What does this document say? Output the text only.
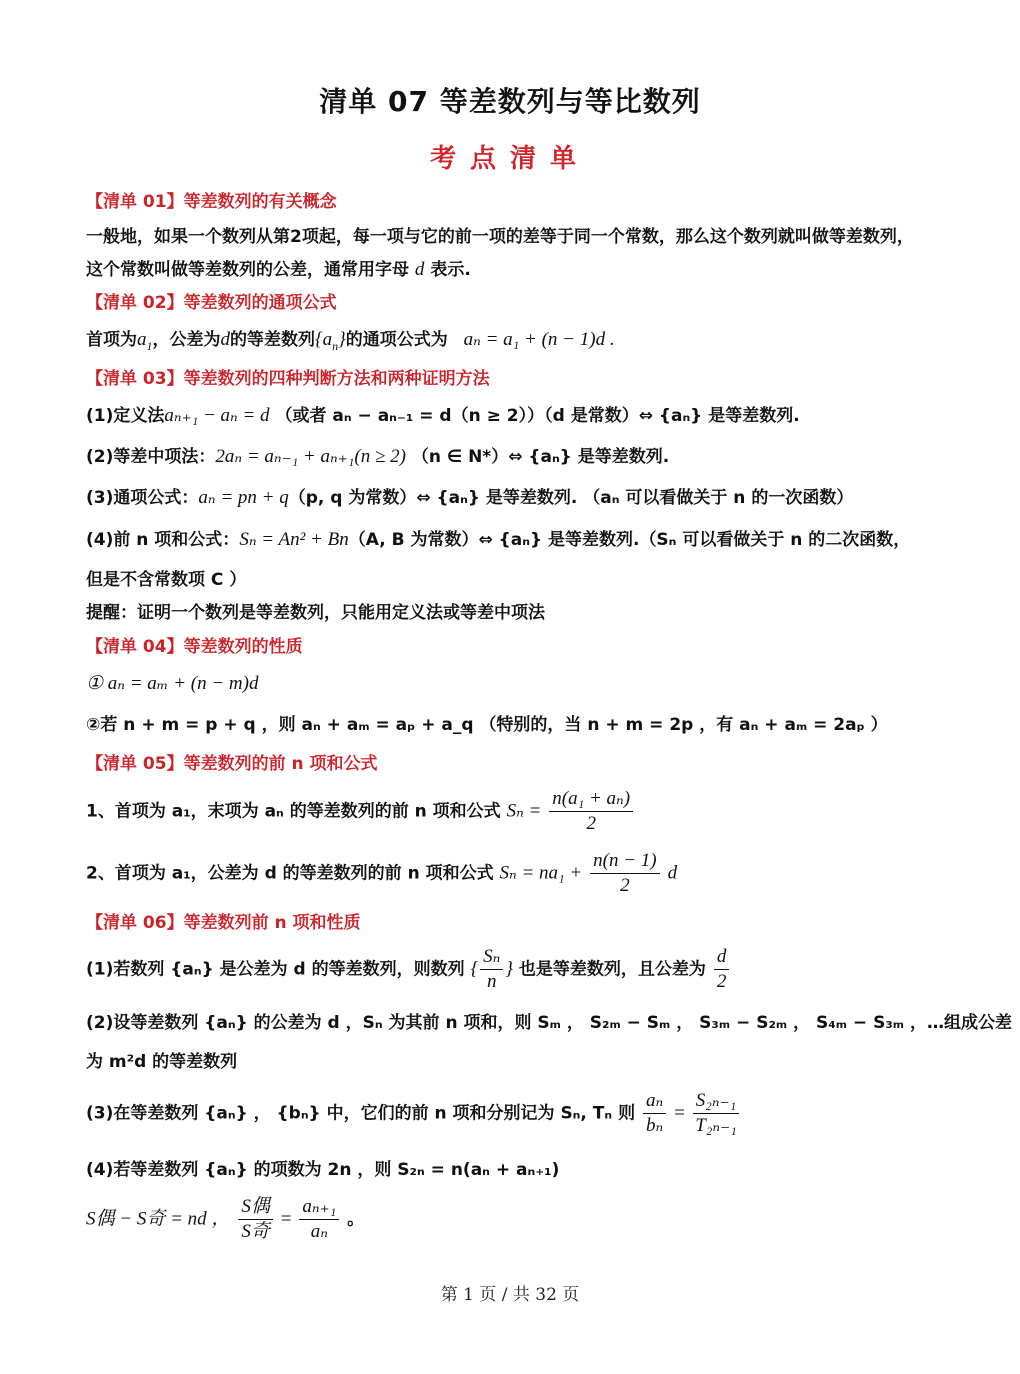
清单 07 等差数列与等比数列
考点清单
【清单 01】等差数列的有关概念
一般地，如果一个数列从第2项起，每一项与它的前一项的差等于同一个常数，那么这个数列就叫做等差数列，
这个常数叫做等差数列的公差，通常用字母 d 表示.
【清单 02】等差数列的通项公式
首项为$a_1$，公差为d的等差数列$\{a_n\}$的通项公式为 aₙ = a₁ + (n − 1)d .
【清单 03】等差数列的四种判断方法和两种证明方法
(1)定义法aₙ₊₁ − aₙ = d （或者 aₙ − aₙ₋₁ = d（n ≥ 2））（d 是常数）⇔ {aₙ} 是等差数列.
(2)等差中项法：2aₙ = aₙ₋₁ + aₙ₊₁(n ≥ 2) （n ∈ N*）⇔ {aₙ} 是等差数列.
(3)通项公式：aₙ = pn + q（p, q 为常数）⇔ {aₙ} 是等差数列. （aₙ 可以看做关于 n 的一次函数）
(4)前 n 项和公式：Sₙ = An² + Bn（A, B 为常数）⇔ {aₙ} 是等差数列.（Sₙ 可以看做关于 n 的二次函数，
但是不含常数项 C ）
提醒：证明一个数列是等差数列，只能用定义法或等差中项法
【清单 04】等差数列的性质
① aₙ = aₘ + (n − m)d
②若 n + m = p + q ，则 aₙ + aₘ = aₚ + a_q （特别的，当 n + m = 2p ，有 aₙ + aₘ = 2aₚ ）
【清单 05】等差数列的前 n 项和公式
1、首项为 a₁，末项为 aₙ 的等差数列的前 n 项和公式 $S_n = \frac{\text{n(a₁ + aₙ)}}{2}$
2、首项为 a₁，公差为 d 的等差数列的前 n 项和公式 $S_n = na_1 + \frac{n(n - 1)}{2}$ d
【清单 06】等差数列前 n 项和性质
(1)若数列 {aₙ} 是公差为 d 的等差数列，则数列 { $\frac{\text{Sₙ}}{n}$ } 也是等差数列，且公差为 $\frac{d}{2}$
(2)设等差数列 {aₙ} 的公差为 d ，Sₙ 为其前 n 项和，则 Sₘ ， S₂ₘ − Sₘ ， S₃ₘ − S₂ₘ ， S₄ₘ − S₃ₘ ，…组成公差
为 m²d 的等差数列
(3)在等差数列 {aₙ} ， {bₙ} 中，它们的前 n 项和分别记为 Sₙ, Tₙ 则 $\frac{\text{aₙ}}{\text{bₙ}} = \frac{\text{S₂ₙ₋₁}}{\text{T₂ₙ₋₁}}$
(4)若等差数列 {aₙ} 的项数为 2n ，则 S₂ₙ = n(aₙ + aₙ₊₁)
S偶 − S奇 = nd ， $\frac{\text{S偶}}{\text{S奇}} = \frac{\text{aₙ₊₁}}{\text{aₙ}}$ 。
第 1 页 / 共 32 页
